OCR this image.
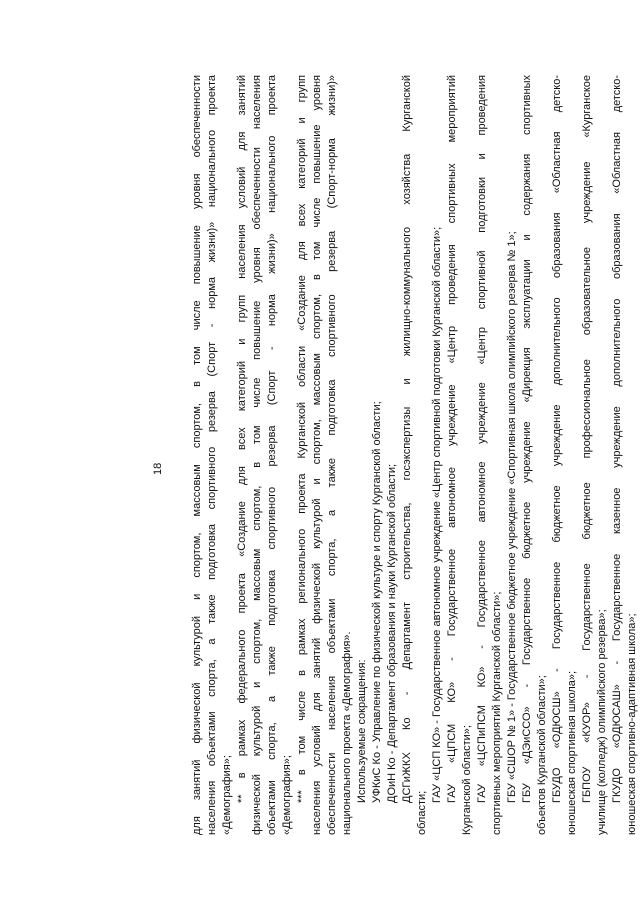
18 для занятий физической культурой и спортом, массовым спортом, в том числе повышение уровня обеспеченности населения объектами спорта, а также подготовка спортивного резерва (Спорт - норма жизни)» национального проекта «Демография»; ** в рамках федерального проекта «Создание для всех категорий и групп населения условий для занятий физической культурой и спортом, массовым спортом, в том числе повышение уровня обеспеченности населения объектами спорта, а также подготовка спортивного резерва (Спорт - норма жизни)» национального проекта «Демография»; *** в том числе в рамках регионального проекта Курганской области «Создание для всех категорий и групп населения условий для занятий физической культурой и спортом, массовым спортом, в том числе повышение уровня обеспеченности населения объектами спорта, а также подготовка спортивного резерва (Спорт-норма жизни)» национального проекта «Демография». Используемые сокращения: УФКиС Ко - Управление по физической культуре и спорту Курганской области; ДОиН Ко - Департамент образования и науки Курганской области; ДСГиЖКХ Ко - Департамент строительства, госэкспертизы и жилищно-коммунального хозяйства Курганской
области;
ГАУ «ЦСП КО» - Государственное автономное учреждение «Центр спортивной подготовки Курганской области»; ГАУ «ЦПСМ КО» - Государственное автономное учреждение «Центр проведения спортивных мероприятий Курганской области»; ГАУ «ЦСПиПСМ КО» - Государственное автономное учреждение «Центр спортивной подготовки и проведения спортивных мероприятий Курганской области»; ГБУ «СШОР № 1» - Государственное бюджетное учреждение «Спортивная школа олимпийского резерва № 1»; ГБУ «ДЭиССО» - Государственное бюджетное учреждение «Дирекция эксплуатации и содержания спортивных объектов Курганской области»; ГБУДО «ОДЮСШ» - Государственное бюджетное учреждение дополнительного образования «Областная детско- юношеская спортивная школа»; ГБПОУ «КУОР» - Государственное бюджетное профессиональное образовательное учреждение «Курганское училище (колледж) олимпийского резерва»; ГКУДО «ОДЮСАШ» - Государственное казенное учреждение дополнительного образования «Областная детско- юношеская спортивно-адаптивная школа»;
